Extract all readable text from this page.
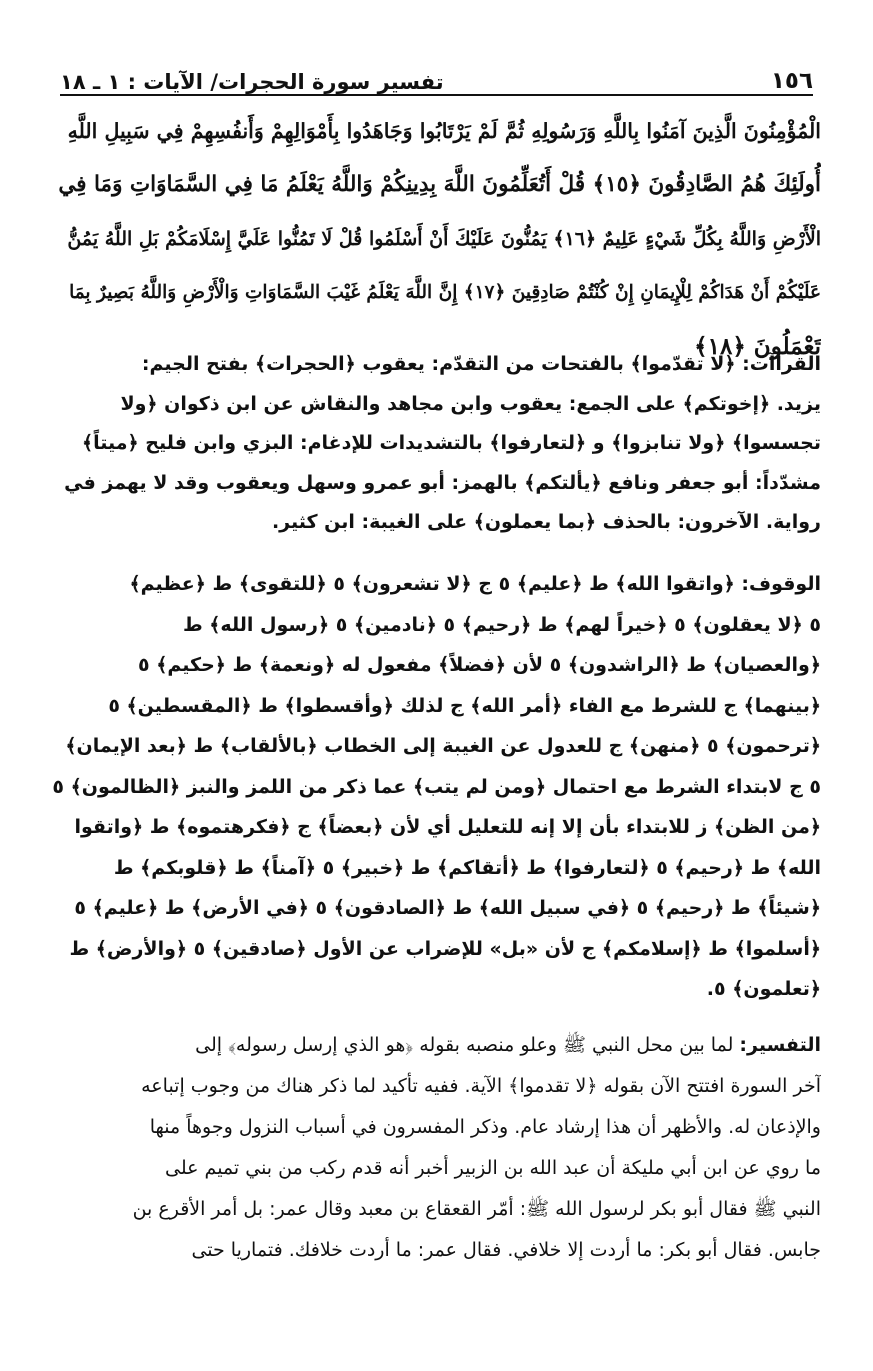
١٥٦
تفسير سورة الحجرات/ الآيات : ١ ـ ١٨
الْمُؤْمِنُونَ الَّذِينَ آمَنُوا بِاللَّهِ وَرَسُولِهِ ثُمَّ لَمْ يَرْتَابُوا وَجَاهَدُوا بِأَمْوَالِهِمْ وَأَنفُسِهِمْ فِي سَبِيلِ اللَّهِ
أُولَئِكَ هُمُ الصَّادِقُونَ ﴿١٥﴾ قُلْ أَتُعَلِّمُونَ اللَّهَ بِدِينِكُمْ وَاللَّهُ يَعْلَمُ مَا فِي السَّمَاوَاتِ وَمَا فِي
الْأَرْضِ وَاللَّهُ بِكُلِّ شَيْءٍ عَلِيمٌ ﴿١٦﴾ يَمُنُّونَ عَلَيْكَ أَنْ أَسْلَمُوا قُلْ لَا تَمُنُّوا عَلَيَّ إِسْلَامَكُمْ بَلِ اللَّهُ يَمُنُّ
عَلَيْكُمْ أَنْ هَدَاكُمْ لِلْإِيمَانِ إِنْ كُنْتُمْ صَادِقِينَ ﴿١٧﴾ إِنَّ اللَّهَ يَعْلَمُ غَيْبَ السَّمَاوَاتِ وَالْأَرْضِ وَاللَّهُ بَصِيرٌ بِمَا
تَعْمَلُونَ ﴿١٨﴾
القراآت: ﴿لا تقدّموا﴾ بالفتحات من التقدّم: يعقوب ﴿الحجرات﴾ بفتح الجيم:
يزيد. ﴿إخوتكم﴾ على الجمع: يعقوب وابن مجاهد والنقاش عن ابن ذكوان ﴿ولا
تجسسوا﴾ ﴿ولا تنابزوا﴾ و ﴿لتعارفوا﴾ بالتشديدات للإدغام: البزي وابن فليح ﴿ميتاً﴾
مشدّداً: أبو جعفر ونافع ﴿يألتكم﴾ بالهمز: أبو عمرو وسهل ويعقوب وقد لا يهمز في
رواية. الآخرون: بالحذف ﴿بما يعملون﴾ على الغيبة: ابن كثير.
الوقوف: ﴿واتقوا الله﴾ ط ﴿عليم﴾ ٥ ج ﴿لا تشعرون﴾ ٥ ﴿للتقوى﴾ ط ﴿عظيم﴾
٥ ﴿لا يعقلون﴾ ٥ ﴿خيراً لهم﴾ ط ﴿رحيم﴾ ٥ ﴿نادمين﴾ ٥ ﴿رسول الله﴾ ط
﴿والعصيان﴾ ط ﴿الراشدون﴾ ٥ لأن ﴿فضلاً﴾ مفعول له ﴿ونعمة﴾ ط ﴿حكيم﴾ ٥
﴿بينهما﴾ ج للشرط مع الفاء ﴿أمر الله﴾ ج لذلك ﴿وأقسطوا﴾ ط ﴿المقسطين﴾ ٥
﴿ترحمون﴾ ٥ ﴿منهن﴾ ج للعدول عن الغيبة إلى الخطاب ﴿بالألقاب﴾ ط ﴿بعد الإيمان﴾
٥ ج لابتداء الشرط مع احتمال ﴿ومن لم يتب﴾ عما ذكر من اللمز والنبز ﴿الظالمون﴾ ٥
﴿من الظن﴾ ز للابتداء بأن إلا إنه للتعليل أي لأن ﴿بعضاً﴾ ج ﴿فكرهتموه﴾ ط ﴿واتقوا
الله﴾ ط ﴿رحيم﴾ ٥ ﴿لتعارفوا﴾ ط ﴿أتقاكم﴾ ط ﴿خبير﴾ ٥ ﴿آمناً﴾ ط ﴿قلوبكم﴾ ط
﴿شيئاً﴾ ط ﴿رحيم﴾ ٥ ﴿في سبيل الله﴾ ط ﴿الصادقون﴾ ٥ ﴿في الأرض﴾ ط ﴿عليم﴾ ٥
﴿أسلموا﴾ ط ﴿إسلامكم﴾ ج لأن «بل» للإضراب عن الأول ﴿صادقين﴾ ٥ ﴿والأرض﴾ ط
﴿تعلمون﴾ ٥.
التفسير: لما بين محل النبي ﷺ وعلو منصبه بقوله ﴿هو الذي إرسل رسوله﴾ إلى
آخر السورة افتتح الآن بقوله ﴿لا تقدموا﴾ الآية. ففيه تأكيد لما ذكر هناك من وجوب إتباعه
والإذعان له. والأظهر أن هذا إرشاد عام. وذكر المفسرون في أسباب النزول وجوهاً منها
ما روي عن ابن أبي مليكة أن عبد الله بن الزبير أخبر أنه قدم ركب من بني تميم على
النبي ﷺ فقال أبو بكر لرسول الله ﷺ: أمّر القعقاع بن معبد وقال عمر: بل أمر الأقرع بن
جابس. فقال أبو بكر: ما أردت إلا خلافي. فقال عمر: ما أردت خلافك. فتماريا حتى
